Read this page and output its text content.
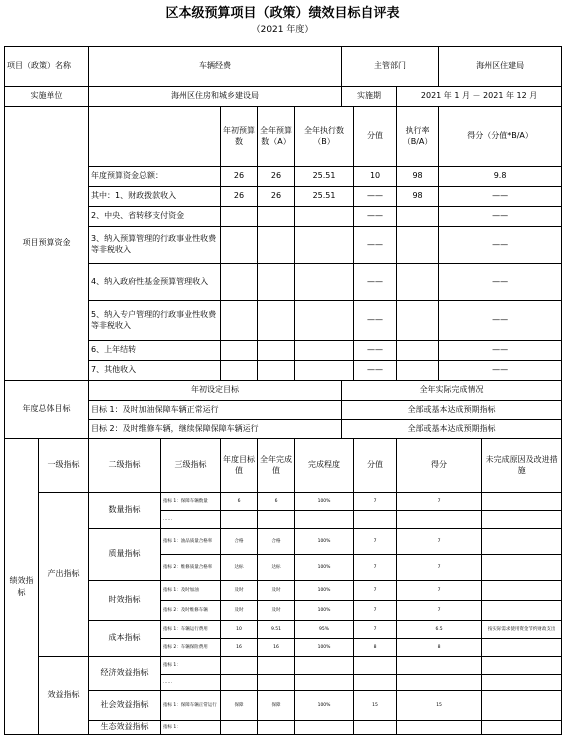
区本级预算项目（政策）绩效目标自评表
（2021 年度）
项目（政策）名称		车辆经费					主管部门			海州区住建局	
实施单位		海州区住房和城乡建设局					实施期		2021 年 1 月 － 2021 年 12 月		
项目预算资金				年初预算数	全年预算数（A）	全年执行数（B）		分值	执行率（B/A）	得分（分值*B/A）	
		年度预算资金总额：		26	26	25.51		10	98	9.8	
		其中：1、财政拨款收入		26	26	25.51		——	98	——	
		2、中央、省转移支付资金						——		——	
		3、纳入预算管理的行政事业性收费等非税收入						——		——	
		4、纳入政府性基金预算管理收入						——		——	
		5、纳入专户管理的行政事业性收费等非税收入						——		——	
		6、上年结转						——		——	
		7、其他收入						——		——	
年度总体目标		年初设定目标					全年实际完成情况				
		目标 1：及时加油保障车辆正常运行					全部或基本达成预期指标				
		目标 2：及时维修车辆，继续保障保障车辆运行					全部或基本达成预期指标				
绩效指标	一级指标	二级指标	三级指标	年度目标值	全年完成值	完成程度		分值	得分		未完成原因及改进措施
	产出指标	数量指标	指标 1：保障车辆数量	6	6	100%		7	7		
			……								
		质量指标	指标 1：油品质量合格率	合格	合格	100%		7	7		
			指标 2：维修质量合格率	达标	达标	100%		7	7		
		时效指标	指标 1：及时加油	及时	及时	100%		7	7		
			指标 2：及时维修车辆	及时	及时	100%		7	7		
		成本指标	指标 1：车辆运行费用	10	9.51	95%		7	6.5		按实际需求使用资金节约财政支出
			指标 2：车辆保险费用	16	16	100%		8	8		
	效益指标	经济效益指标	指标 1：								
			……								
		社会效益指标	指标 1：保障车辆正常运行	保障	保障	100%		15	15		
		生态效益指标	指标 1：								
